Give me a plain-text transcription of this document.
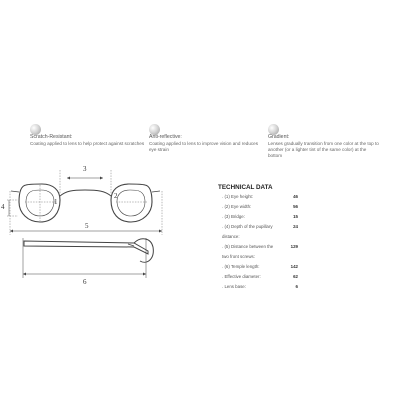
Scratch-Resistant:
Coating applied to lens to help protect against scratches
Anti-reflective:
Coating applied to lens to improve vision and reduces eye strain
Gradient:
Lenses gradually transition from one color at the top to another (or a lighter tint of the same color) at the bottom
1
2
3
4
5
6
TECHNICAL DATA
. (1) Eye height:	46
. (2) Eye width:	56
. (3) Bridge:	15
. (4) Depth of the pupillary	24
distance:
. (5) Distance between the	129
two front screws:
. (6) Temple length:	142
. Effective diameter:	62
. Lens base:	6
